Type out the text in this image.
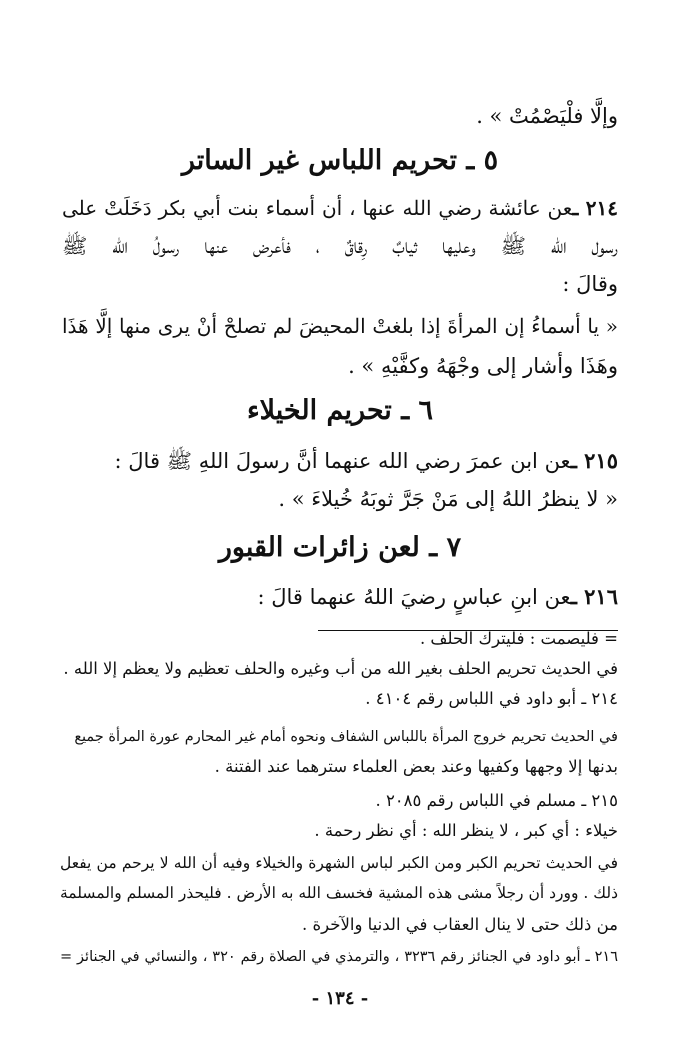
وإلَّا فلْيَصْمُتْ » .
٥ ـ تحريم اللباس غير الساتر
٢١٤ ـعن عائشة رضي الله عنها ، أن أسماء بنت أبي بكر دَخَلَتْ على
رسول الله ﷺ وعليها ثيابٌ رِقاقٌ ، فأعرض عنها رسولُ الله ﷺ
وقالَ :
« يا أسماءُ إن المرأةَ إذا بلغتْ المحيضَ لم تصلحْ أنْ يرى منها إلَّا هَذَا
وهَذَا وأشار إلى وجْهَهُ وكفَّيْهِ » .
٦ ـ تحريم الخيلاء
٢١٥ ـعن ابن عمرَ رضي الله عنهما أنَّ رسولَ اللهِ ﷺ قالَ :
« لا ينظرُ اللهُ إلى مَنْ جَرَّ ثوبَهُ خُيلاءَ » .
٧ ـ لعن زائرات القبور
٢١٦ ـعن ابنِ عباسٍ رضيَ اللهُ عنهما قالَ :
= فليصمت : فليترك الحلف .
في الحديث تحريم الحلف بغير الله من أب وغيره والحلف تعظيم ولا يعظم إلا الله .
٢١٤ ـ أبو داود في اللباس رقم ٤١٠٤ .
في الحديث تحريم خروج المرأة باللباس الشفاف ونحوه أمام غير المحارم عورة المرأة جميع
بدنها إلا وجهها وكفيها وعند بعض العلماء سترهما عند الفتنة .
٢١٥ ـ مسلم في اللباس رقم ٢٠٨٥ .
خيلاء : أي كبر ، لا ينظر الله : أي نظر رحمة .
في الحديث تحريم الكبر ومن الكبر لباس الشهرة والخيلاء وفيه أن الله لا يرحم من يفعل
ذلك . وورد أن رجلاً مشى هذه المشية فخسف الله به الأرض . فليحذر المسلم والمسلمة
من ذلك حتى لا ينال العقاب في الدنيا والآخرة .
٢١٦ ـ أبو داود في الجنائز رقم ٣٢٣٦ ، والترمذي في الصلاة رقم ٣٢٠ ، والنسائي في الجنائز =
- ١٣٤ -
